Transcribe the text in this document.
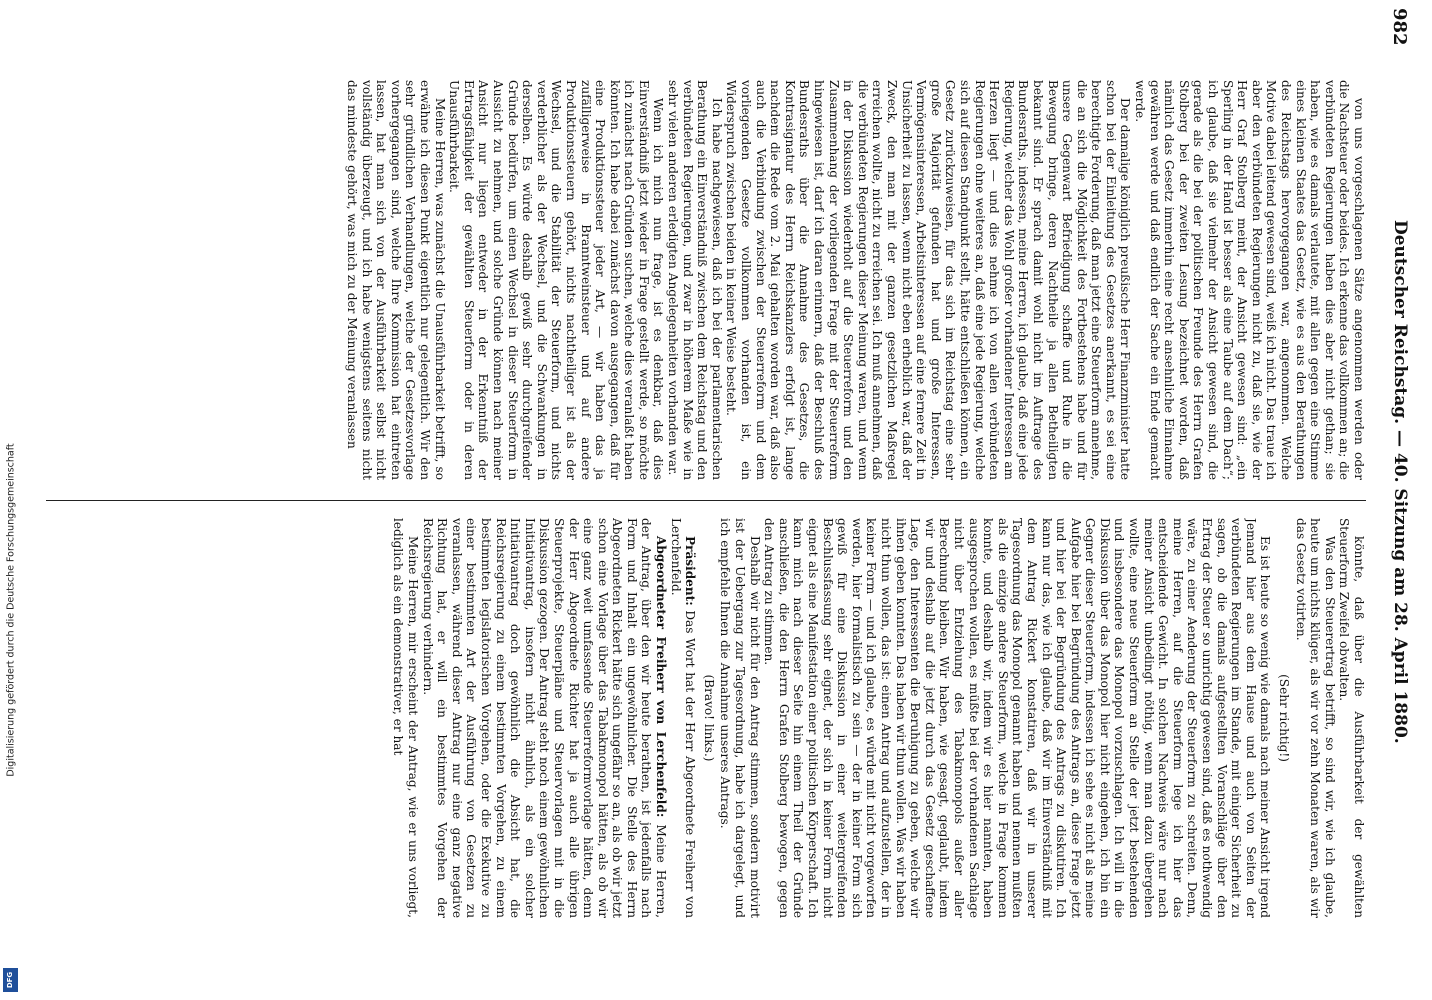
982
Deutscher Reichstag. — 40. Sitzung am 28. April 1880.

von uns vorgeschlagenen Sätze angenommen werden oder die Nachsteuer oder beides. Ich erkenne das vollkommen an; die verbündeten Regierungen haben dies aber nicht gethan; sie haben, wie es damals verlautete, mit allen gegen eine Stimme eines kleinen Staates das Gesetz, wie es aus den Berathungen des Reichstags hervorgegangen war, angenommen. Welche Motive dabei leitend gewesen sind, weiß ich nicht. Das traue ich aber den verbündeten Regierungen nicht zu, daß sie, wie der Herr Graf Stolberg meint, der Ansicht gewesen sind: „ein Sperling in der Hand ist besser als eine Taube auf dem Dach“; ich glaube, daß sie vielmehr der Ansicht gewesen sind, die gerade als die bei der politischen Freunde des Herrn Grafen Stolberg bei der zweiten Lesung bezeichnet worden, daß nämlich das Gesetz immerhin eine recht ansehnliche Einnahme gewähren werde und daß endlich der Sache ein Ende gemacht werde.

Der damalige königlich preußische Herr Finanzminister hatte schon bei der Einleitung des Gesetzes anerkannt, es sei eine berechtigte Forderung, daß man jetzt eine Steuerform annehme, die an sich die Möglichkeit des Fortbestehens habe und für unsere Gegenwart Befriedigung schaffe und Ruhe in die Bewegung bringe, deren Nachtheile ja allen Betheiligten bekannt sind. Er sprach damit wohl nicht im Auftrage des Bundesraths, indessen, meine Herren, ich glaube, daß eine jede Regierung, welcher das Wohl großer vorhandener Interessen am Herzen liegt — und dies nehme ich von allen verbündeten Regierungen ohne weiteres an, daß eine jede Regierung, welche sich auf diesen Standpunkt stellt, hätte entschließen können, ein Gesetz zurückzuweisen, für das sich im Reichstag eine sehr große Majorität gefunden hat und große Interessen, Vermögensinteressen, Arbeitsinteressen auf eine fernere Zeit in Unsicherheit zu lassen, wenn nicht eben erheblich war, daß der Zweck, den man mit der ganzen gesetzlichen Maßregel erreichen wollte, nicht zu erreichen sei. Ich muß annehmen, daß die verbündeten Regierungen dieser Meinung waren, und wenn in der Diskussion wiederholt auf die Steuerreform und den Zusammenhang der vorliegenden Frage mit der Steuerreform hingewiesen ist, darf ich daran erinnern, daß der Beschluß des Bundesraths über die Annahme des Gesetzes, die Kontrasignatur des Herrn Reichskanzlers erfolgt ist, lange nachdem die Rede vom 2. Mai gehalten worden war, daß also auch die Verbindung zwischen der Steuerreform und dem vorliegenden Gesetze vollkommen vorhanden ist, ein Widerspruch zwischen beiden in keiner Weise besteht.

Ich habe nachgewiesen, daß ich bei der parlamentarischen Berathung ein Einverständniß zwischen dem Reichstag und den verbündeten Regierungen, und zwar in höherem Maße wie in sehr vielen anderen erledigten Angelegenheiten vorhanden war.

Wenn ich mich nun frage, ist es denkbar, daß dies Einverständniß jetzt wieder in Frage gestellt werde, so möchte ich zunächst nach Gründen suchen, welche dies veranlaßt haben könnten. Ich habe dabei zunächst davon ausgegangen, daß für eine Produktionssteuer jeder Art, — wir haben das ja zufälligerweise in Branntweinsteuer und auf andere Produktionssteuern gehört, nichts nachtheiliger ist als der Wechsel, und die Stabilität der Steuerform, und nichts verderblicher als der Wechsel, und die Schwankungen in derselben. Es würde deshalb gewiß sehr durchgreifender Gründe bedürfen, um einen Wechsel in dieser Steuerform in Aussicht zu nehmen, und solche Gründe können nach meiner Ansicht nur liegen entweder in der Erkenntniß der Ertragsfähigkeit der gewählten Steuerform oder in deren Unausführbarkeit.

Meine Herren, was zunächst die Unausführbarkeit betrifft, so erwähne ich diesen Punkt eigentlich nur gelegentlich. Wir den sehr gründlichen Verhandlungen, welche der Gesetzesvorlage vorhergegangen sind, welche Ihre Kommission hat eintreten lassen, hat man sich von der Ausführbarkeit selbst nicht vollständig überzeugt, und ich habe wenigstens seitens nicht das mindeste gehört, was mich zu der Meinung veranlassen

könnte, daß über die Ausführbarkeit der gewählten Steuerform Zweifel obwalten.

Was den Steuerertrag betrifft, so sind wir, wie ich glaube, heute um nichts klüger, als wir vor zehn Monaten waren, als wir das Gesetz votirten.

(Sehr richtig!)

Es ist heute so wenig wie damals nach meiner Ansicht irgend Jemand hier aus dem Hause und auch von Seiten der verbündeten Regierungen im Stande, mit einiger Sicherheit zu sagen, ob die damals aufgestellten Voranschläge über den Ertrag der Steuer so unrichtig gewesen sind, daß es nothwendig wäre, zu einer Aenderung der Steuerform zu schreiten. Denn, meine Herren, auf die Steuerform lege ich hier das entscheidende Gewicht. In solchen Nachweis wäre nur nach meiner Ansicht unbedingt nöthig, wenn man dazu übergehen wollte, eine neue Steuerform an Stelle der jetzt bestehenden und insbesondere das Monopol vorzuschlagen. Ich will in die Diskussion über das Monopol hier nicht eingehen, ich bin ein Gegner dieser Steuerform, indessen ich sehe es nicht als meine Aufgabe hier bei Begründung des Antrags an, diese Frage jetzt und hier bei der Begründung des Antrags zu diskutiren. Ich kann nur das, wie ich glaube, daß wir im Einverständniß mit dem Antrag Rickert konstatiren, daß wir in unserer Tagesordnung das Monopol genannt haben und nennen mußten als die einzige andere Steuerform, welche in Frage kommen konnte, und deshalb wir, indem wir es hier nannten, haben ausgesprochen wollen, es müßte bei der vorhandenen Sachlage nicht über Entziehung des Tabakmonopols außer aller Berechnung bleiben. Wir haben, wie gesagt, geglaubt, indem wir und deshalb auf die jetzt durch das Gesetz geschaffene Lage, den Interessenten die Beruhigung zu geben, welche wir ihnen geben konnten. Das haben wir thun wollen. Was wir haben nicht thun wollen, das ist: einen Antrag und aufzustellen, der in keiner Form — und ich glaube, es würde mit nicht vorgeworfen werden, hier formalistisch zu sein — der in keiner Form sich gewiß für eine Diskussion in einer weitergreifenden Beschlussfassung sehr eignet, der sich in keiner Form nicht eignet als eine Manifestation einer politischen Körperschaft. Ich kann mich nach dieser Seite hin einem Theil der Gründe anschließen, die den Herrn Grafen Stolberg bewogen, gegen den Antrag zu stimmen.

Deshalb wir nicht für den Antrag stimmen, sondern motivirt ist der Uebergang zur Tagesordnung, habe ich dargelegt, und ich empfehle Ihnen die Annahme unseres Antrags.

(Bravo! links.)

Präsident: Das Wort hat der Herr Abgeordnete Freiherr von Lerchenfeld.

Abgeordneter Freiherr von Lerchenfeld: Meine Herren, der Antrag, über den wir heute berathen, ist jedenfalls nach Form und Inhalt ein ungewöhnlicher. Die Stelle des Herrn Abgeordneten Rickert hätte sich ungefähr so an, als ob wir jetzt schon eine Vorlage über das Tabakmonopol hätten, als ob wir eine ganz weit umfassende Steuerreformvorlage hätten, denn der Herr Abgeordnete Richter hat ja auch alle übrigen Steuerprojekte, Steuerpläne und Steuervorlagen mit in die Diskussion gezogen. Der Antrag steht noch einem gewöhnlichen Initiativantrag, insofern nicht ähnlich, als ein solcher Initiativantrag doch gewöhnlich die Absicht hat, die Reichsregierung zu einem bestimmten Vorgehen, zu einem bestimmten legislatorischen Vorgehen, oder die Exekutive zu einer bestimmten Art der Ausführung von Gesetzen zu veranlassen, während dieser Antrag nur eine ganz negative Richtung hat, er will ein bestimmtes Vorgehen der Reichsregierung verhindern.

Meine Herren, mir erscheint der Antrag, wie er uns vorliegt, lediglich als ein demonstrativer, er hat

Digitalisierung gefördert durch die Deutsche Forschungsgemeinschaft
DFG
